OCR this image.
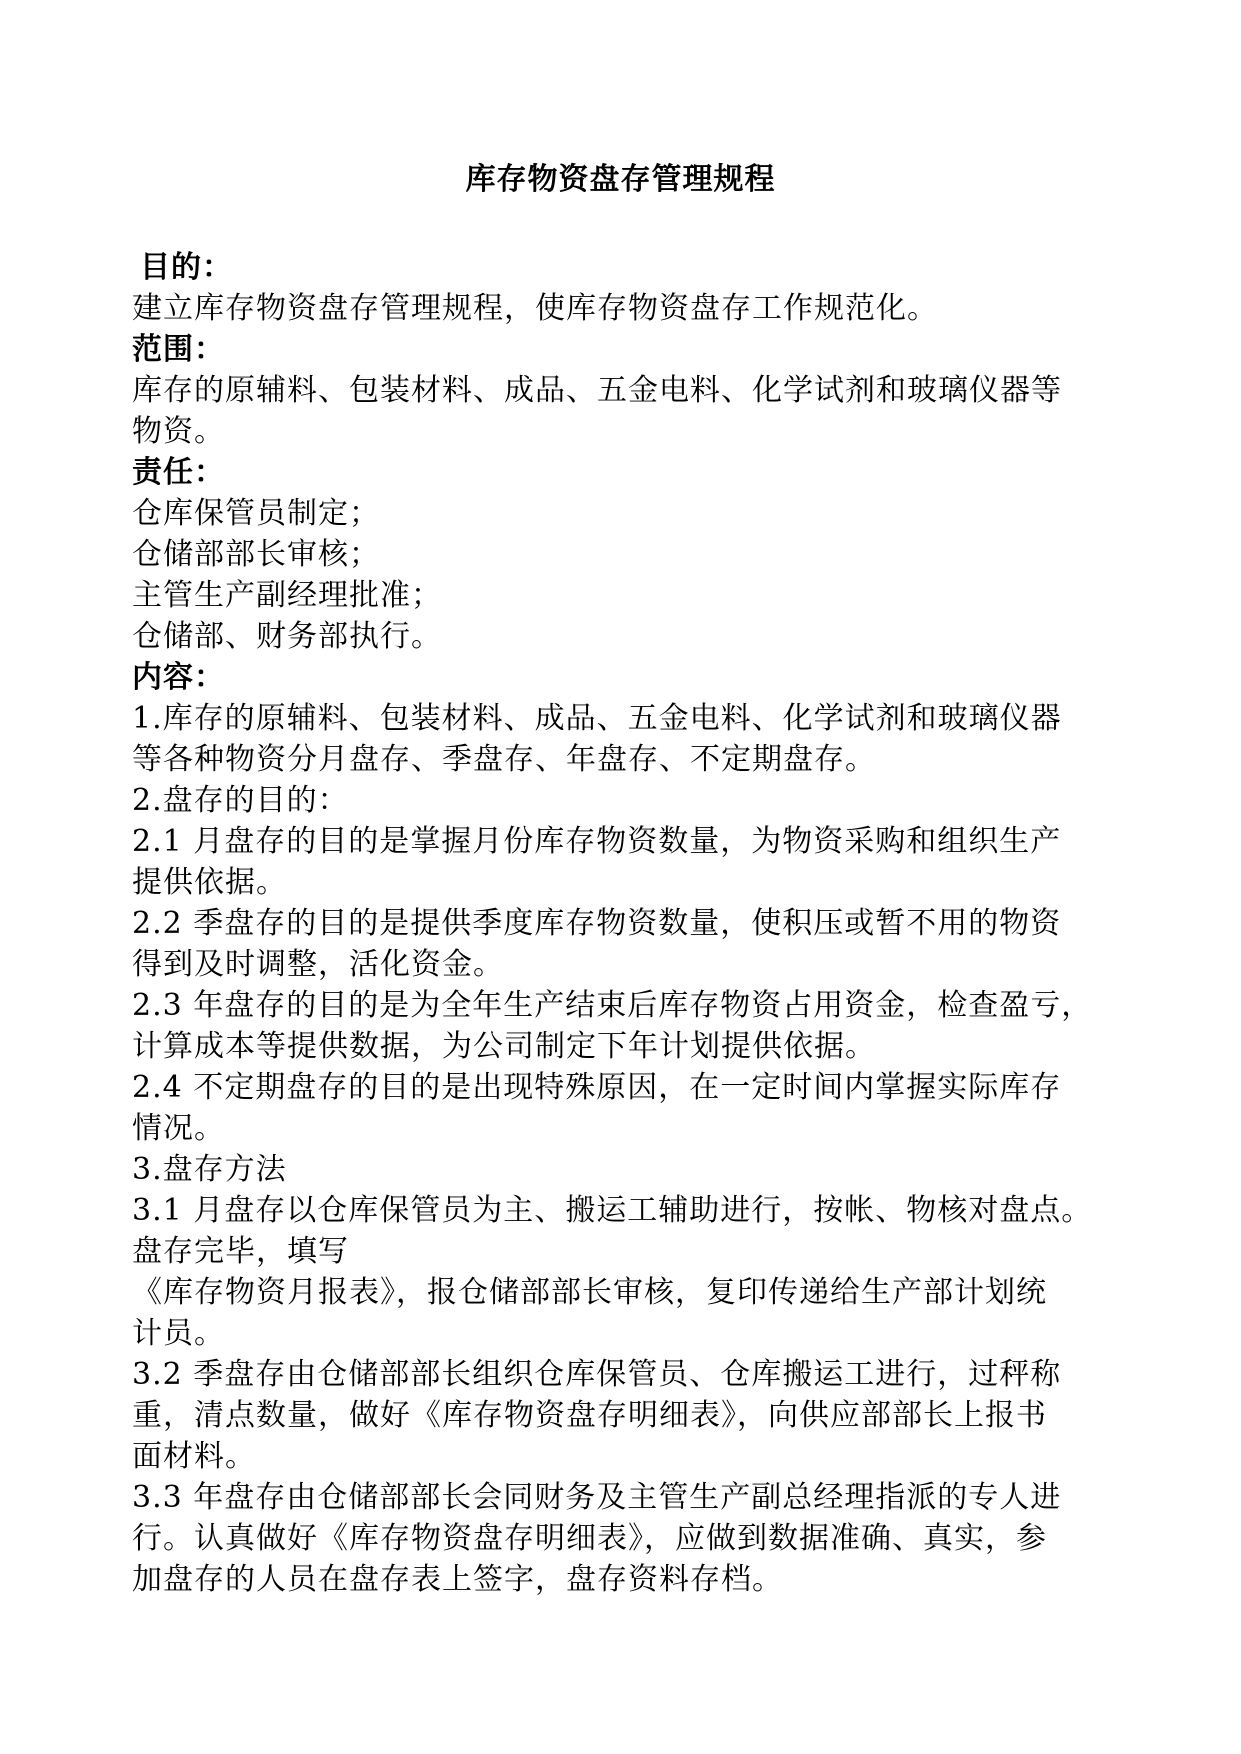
库存物资盘存管理规程
目的：
建立库存物资盘存管理规程，使库存物资盘存工作规范化。
范围：
库存的原辅料、包装材料、成品、五金电料、化学试剂和玻璃仪器等
物资。
责任：
仓库保管员制定；
仓储部部长审核；
主管生产副经理批准；
仓储部、财务部执行。
内容：
1.库存的原辅料、包装材料、成品、五金电料、化学试剂和玻璃仪器
等各种物资分月盘存、季盘存、年盘存、不定期盘存。
2.盘存的目的：
2.1 月盘存的目的是掌握月份库存物资数量，为物资采购和组织生产
提供依据。
2.2 季盘存的目的是提供季度库存物资数量，使积压或暂不用的物资
得到及时调整，活化资金。
2.3 年盘存的目的是为全年生产结束后库存物资占用资金，检查盈亏，
计算成本等提供数据，为公司制定下年计划提供依据。
2.4 不定期盘存的目的是出现特殊原因，在一定时间内掌握实际库存
情况。
3.盘存方法
3.1 月盘存以仓库保管员为主、搬运工辅助进行，按帐、物核对盘点。
盘存完毕，填写
《库存物资月报表》，报仓储部部长审核，复印传递给生产部计划统
计员。
3.2 季盘存由仓储部部长组织仓库保管员、仓库搬运工进行，过秤称
重，清点数量，做好《库存物资盘存明细表》，向供应部部长上报书
面材料。
3.3 年盘存由仓储部部长会同财务及主管生产副总经理指派的专人进
行。认真做好《库存物资盘存明细表》，应做到数据准确、真实，参
加盘存的人员在盘存表上签字，盘存资料存档。
